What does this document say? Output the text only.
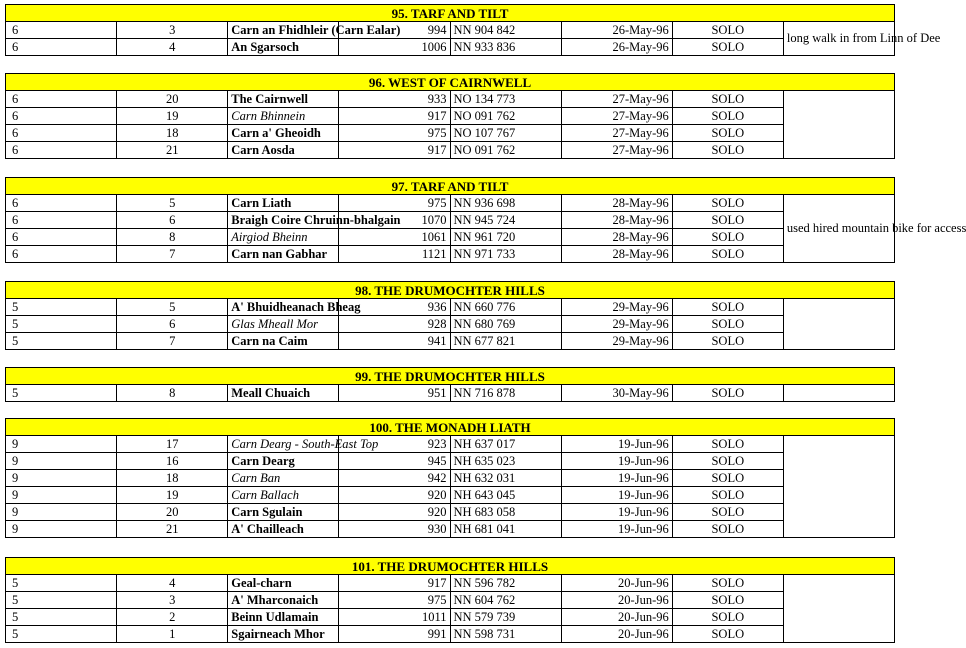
95. TARF AND TILT							
6	3	Carn an Fhidhleir (Carn Ealar)	994	NN 904 842	26-May-96	SOLO	long walk in from Linn of Dee
6	4	An Sgarsoch	1006	NN 933 836	26-May-96	SOLO	
96. WEST OF CAIRNWELL							
6	20	The Cairnwell	933	NO 134 773	27-May-96	SOLO	
6	19	Carn Bhinnein	917	NO 091 762	27-May-96	SOLO	
6	18	Carn a' Gheoidh	975	NO 107 767	27-May-96	SOLO	
6	21	Carn Aosda	917	NO 091 762	27-May-96	SOLO	
97. TARF AND TILT							
6	5	Carn Liath	975	NN 936 698	28-May-96	SOLO	used hired mountain bike for access
6	6	Braigh Coire Chruinn-bhalgain	1070	NN 945 724	28-May-96	SOLO	
6	8	Airgiod Bheinn	1061	NN 961 720	28-May-96	SOLO	
6	7	Carn nan Gabhar	1121	NN 971 733	28-May-96	SOLO	
98. THE DRUMOCHTER HILLS							
5	5	A' Bhuidheanach Bheag	936	NN 660 776	29-May-96	SOLO	
5	6	Glas Mheall Mor	928	NN 680 769	29-May-96	SOLO	
5	7	Carn na Caim	941	NN 677 821	29-May-96	SOLO	
99. THE DRUMOCHTER HILLS
5	8	Meall Chuaich	951	NN 716 878	30-May-96	SOLO	
100. THE MONADH LIATH							
9	17	Carn Dearg - South-East Top	923	NH 637 017	19-Jun-96	SOLO	
9	16	Carn Dearg	945	NH 635 023	19-Jun-96	SOLO	
9	18	Carn Ban	942	NH 632 031	19-Jun-96	SOLO	
9	19	Carn Ballach	920	NH 643 045	19-Jun-96	SOLO	
9	20	Carn Sgulain	920	NH 683 058	19-Jun-96	SOLO	
9	21	A' Chailleach	930	NH 681 041	19-Jun-96	SOLO	
101. THE DRUMOCHTER HILLS							
5	4	Geal-charn	917	NN 596 782	20-Jun-96	SOLO	
5	3	A' Mharconaich	975	NN 604 762	20-Jun-96	SOLO	
5	2	Beinn Udlamain	1011	NN 579 739	20-Jun-96	SOLO	
5	1	Sgairneach Mhor	991	NN 598 731	20-Jun-96	SOLO	
